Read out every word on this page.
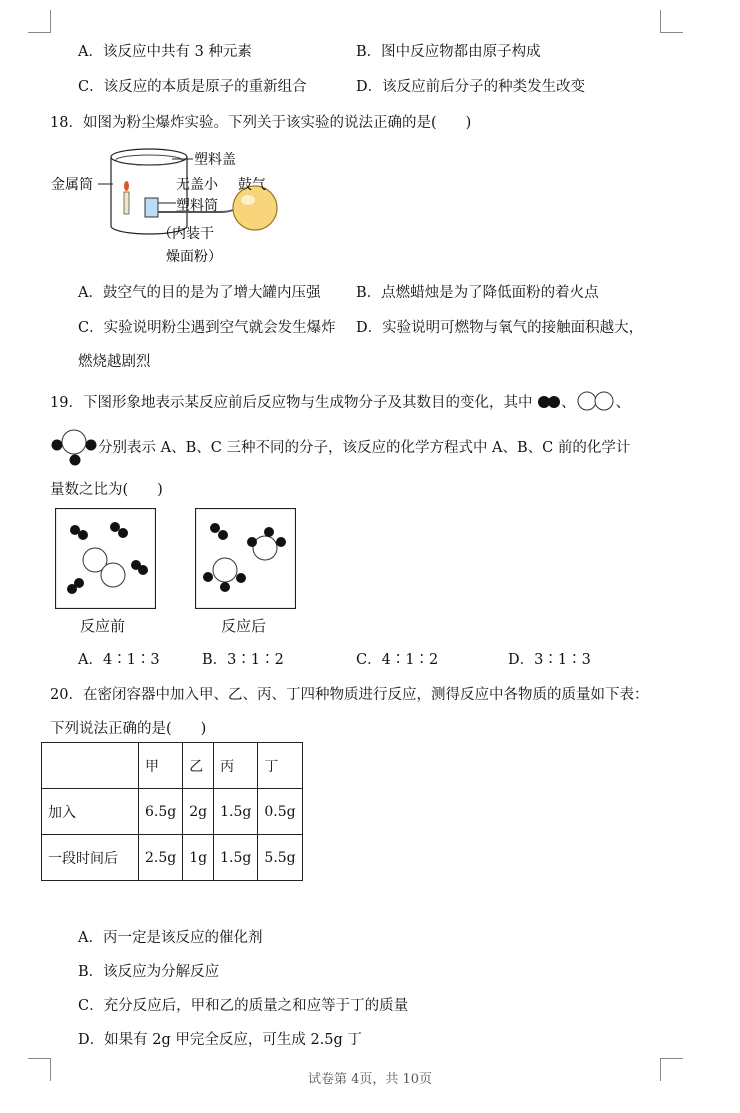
A．该反应中共有 3 种元素	B．图中反应物都由原子构成
C．该反应的本质是原子的重新组合	D．该反应前后分子的种类发生改变
18．如图为粉尘爆炸实验。下列关于该实验的说法正确的是(　　)
塑料盖
金属筒	无盖小
塑料筒
鼓气
（内装干
燥面粉）
A．鼓空气的目的是为了增大罐内压强 B．点燃蜡烛是为了降低面粉的着火点
C．实验说明粉尘遇到空气就会发生爆炸 D．实验说明可燃物与氧气的接触面积越大，
燃烧越剧烈
19．下图形象地表示某反应前后反应物与生成物分子及其数目的变化，其中 、	、
分别表示 A、B、C 三种不同的分子，该反应的化学方程式中 A、B、C 前的化学计
量数之比为(　　)
反应前	反应后
A．4∶1∶3	B．3∶1∶2	C．4∶1∶2	D．3∶1∶3
20．在密闭容器中加入甲、乙、丙、丁四种物质进行反应，测得反应中各物质的质量如下表：
下列说法正确的是(　　)
	甲	乙	丙	丁
加入	6.5g	2g	1.5g	0.5g
一段时间后	2.5g	1g	1.5g	5.5g
A．丙一定是该反应的催化剂
B．该反应为分解反应
C．充分反应后，甲和乙的质量之和应等于丁的质量
D．如果有 2g 甲完全反应，可生成 2.5g 丁
试卷第 4页，共 10页
